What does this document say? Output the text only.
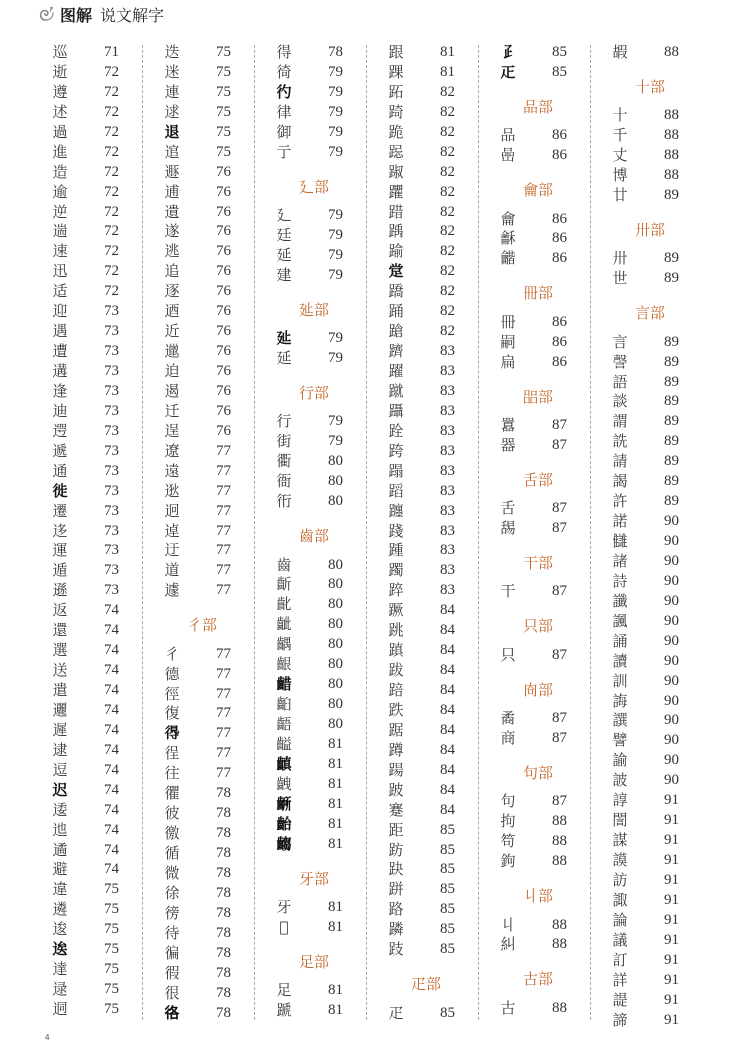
图解 说文解字
巡 71
逝 72
遵 72
述 72
過 72
進 72
造 72
逾 72
逆 72
遄 72
速 72
迅 72
适 72
迎 73
遇 73
遭 73
遘 73
逢 73
迪 73
遌 73
遞 73
通 73
徙 73
遷 73
迻 73
運 73
遁 73
遜 73
返 74
還 74
選 74
送 74
遣 74
邐 74
遲 74
逮 74
逗 74
迟 74
逶 74
迆 74
遹 74
避 74
違 75
遴 75
逡 75
逘 75
達 75
逯 75
迵 75
迭 75
迷 75
連 75
逑 75
退 75
逭 75
遯 76
逋 76
遺 76
遂 76
逃 76
追 76
逐 76
迺 76
近 76
邋 76
迫 76
遏 76
迁 76
逞 76
遼 77
遠 77
逖 77
迥 77
逴 77
迂 77
道 77
遽 77
彳部
彳 77
德 77
徑 77
復 77
𢔶 77
徎 77
往 77
忂 78
彼 78
徼 78
循 78
微 78
徐 78
徬 78
待 78
徧 78
徦 78
很 78
𢓜 78
得 78
徛 79
彴 79
律 79
御 79
亍 79
廴部
廴 79
廷 79
延 79
建 79
㢟部
㢟 79
延 79
行部
行 79
街 79
衢 80
衙 80
衎 80
齒部
齒 80
齗 80
齔 80
齜 80
齵 80
齦 80
齰 80
齨 80
齬 80
齸 81
齻 81
齥 81
齭 81
齝 81
齺 81
牙部
牙 81
𤘬	81
足部
足 81
蹏 81
跟 81
踝 81
跖 82
踦 82
跪 82
跽 82
踧 82
躣 82
踖 82
踽 82
踰 82
䟫 82
蹻 82
踊 82
蹌 82
躋 83
躍 83
蹴 83
躡 83
跧 83
跨 83
蹋 83
蹈 83
躔 83
踐 83
踵 83
躅 83
踤 83
蹶 84
跳 84
蹎 84
跋 84
踣 84
跌 84
踞 84
蹲 84
踼 84
跛 84
蹇 84
距 85
趽 85
趹 85
跰 85
路 85
蹸 85
跂 85
疋部
疋 85
𤴔 85
𤴓 85
品部
品 86
喦 86
龠部
龠 86
龢 86
龤 86
冊部
冊 86
嗣 86
扁 86
㗊部
囂 87
器 87
舌部
舌 87
舓 87
干部
干 87
只部
只 87
㕯部
矞 87
商 87
句部
句 87
拘 88
笱 88
鉤 88
丩部
丩 88
糾 88
古部
古 88
嘏 88
十部
十 88
千 88
丈 88
博 88
廿 89
卅部
卅 89
世 89
言部
言 89
謦 89
語 89
談 89
謂 89
詵 89
請 89
謁 89
許 89
諾 90
讎 90
諸 90
詩 90
讖 90
諷 90
誦 90
讀 90
訓 90
誨 90
譔 90
譬 90
諭 90
詖 90
諄 91
誾 91
謀 91
謨 91
訪 91
諏 91
論 91
議 91
訂 91
詳 91
諟 91
諦 91
4
